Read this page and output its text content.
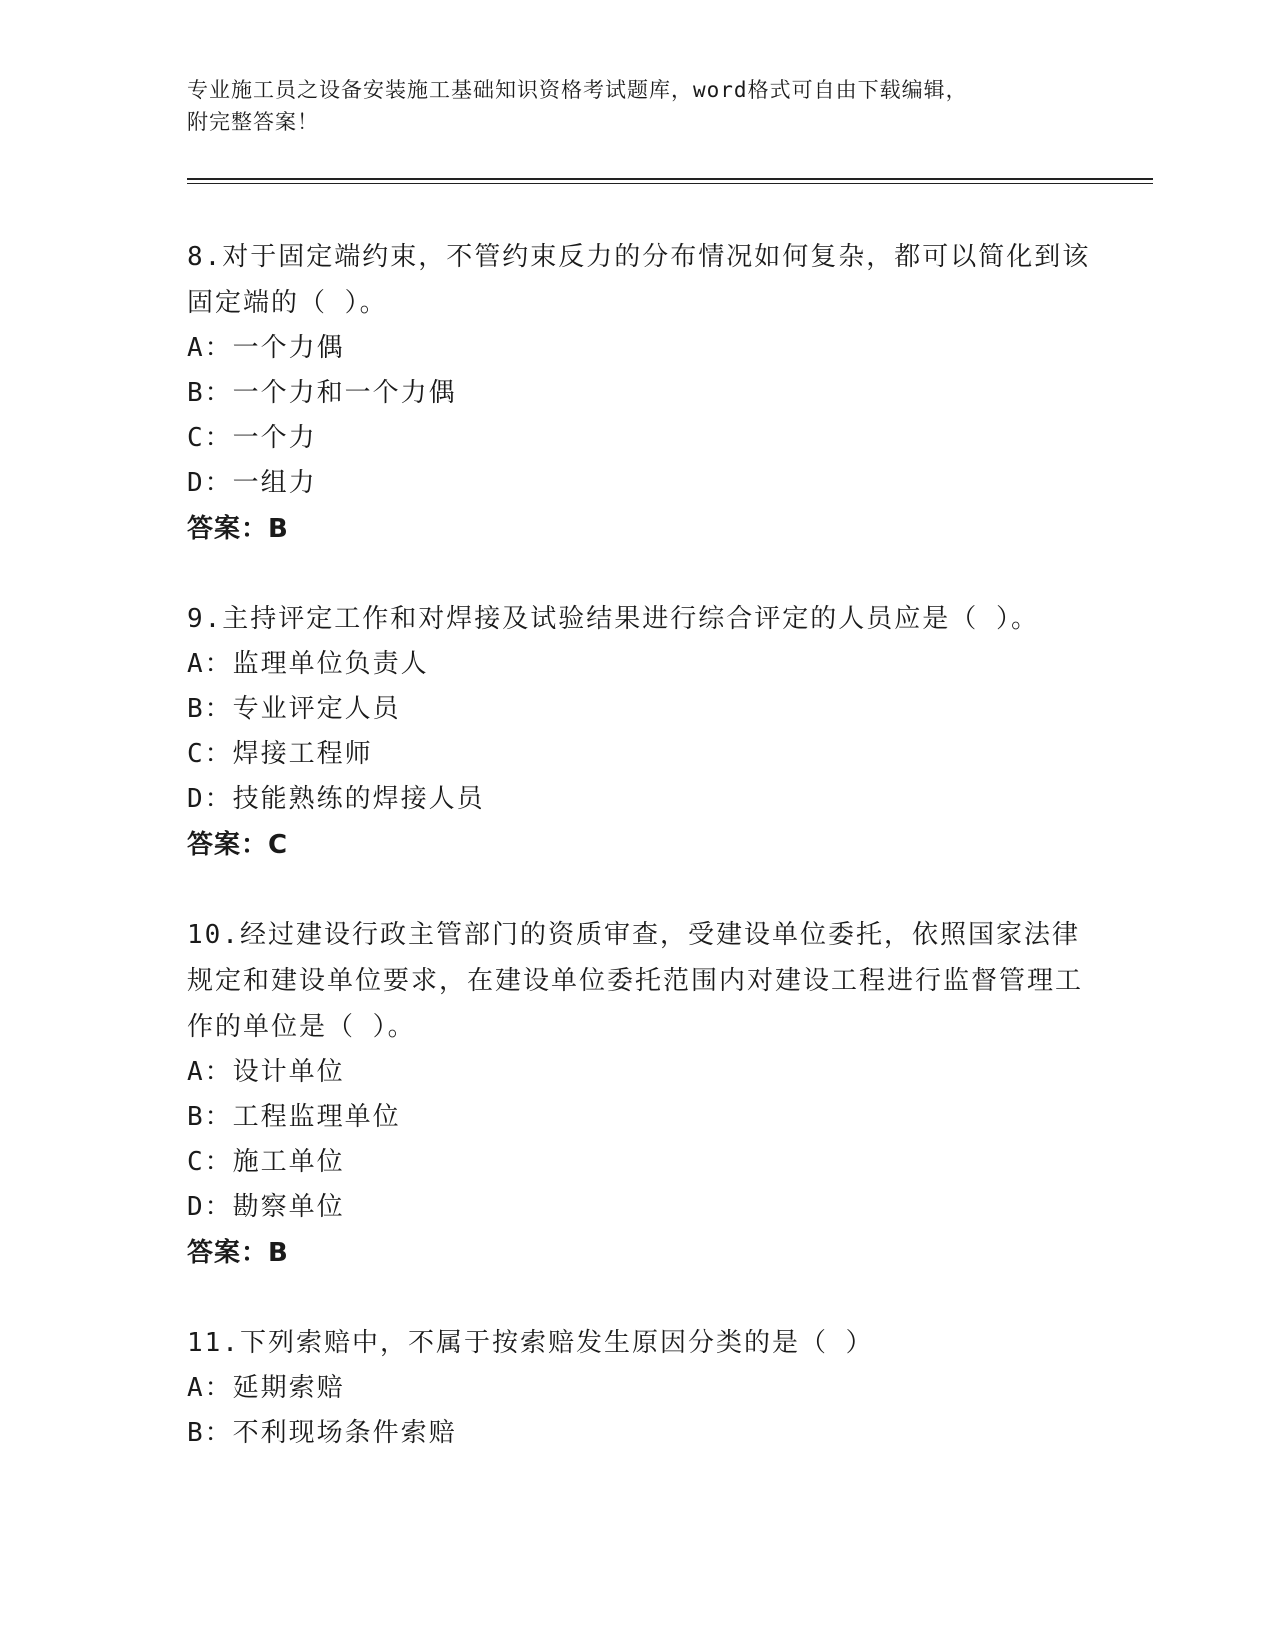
专业施工员之设备安装施工基础知识资格考试题库，word格式可自由下载编辑，
附完整答案！

8.对于固定端约束，不管约束反力的分布情况如何复杂，都可以简化到该固定端的（ ）。

A：一个力偶

B：一个力和一个力偶

C：一个力

D：一组力

答案：B

9.主持评定工作和对焊接及试验结果进行综合评定的人员应是（ ）。

A：监理单位负责人

B：专业评定人员

C：焊接工程师

D：技能熟练的焊接人员

答案：C

10.经过建设行政主管部门的资质审查，受建设单位委托，依照国家法律规定和建设单位要求，在建设单位委托范围内对建设工程进行监督管理工作的单位是（ ）。

A：设计单位

B：工程监理单位

C：施工单位

D：勘察单位

答案：B

11.下列索赔中，不属于按索赔发生原因分类的是（ ）

A：延期索赔

B：不利现场条件索赔
